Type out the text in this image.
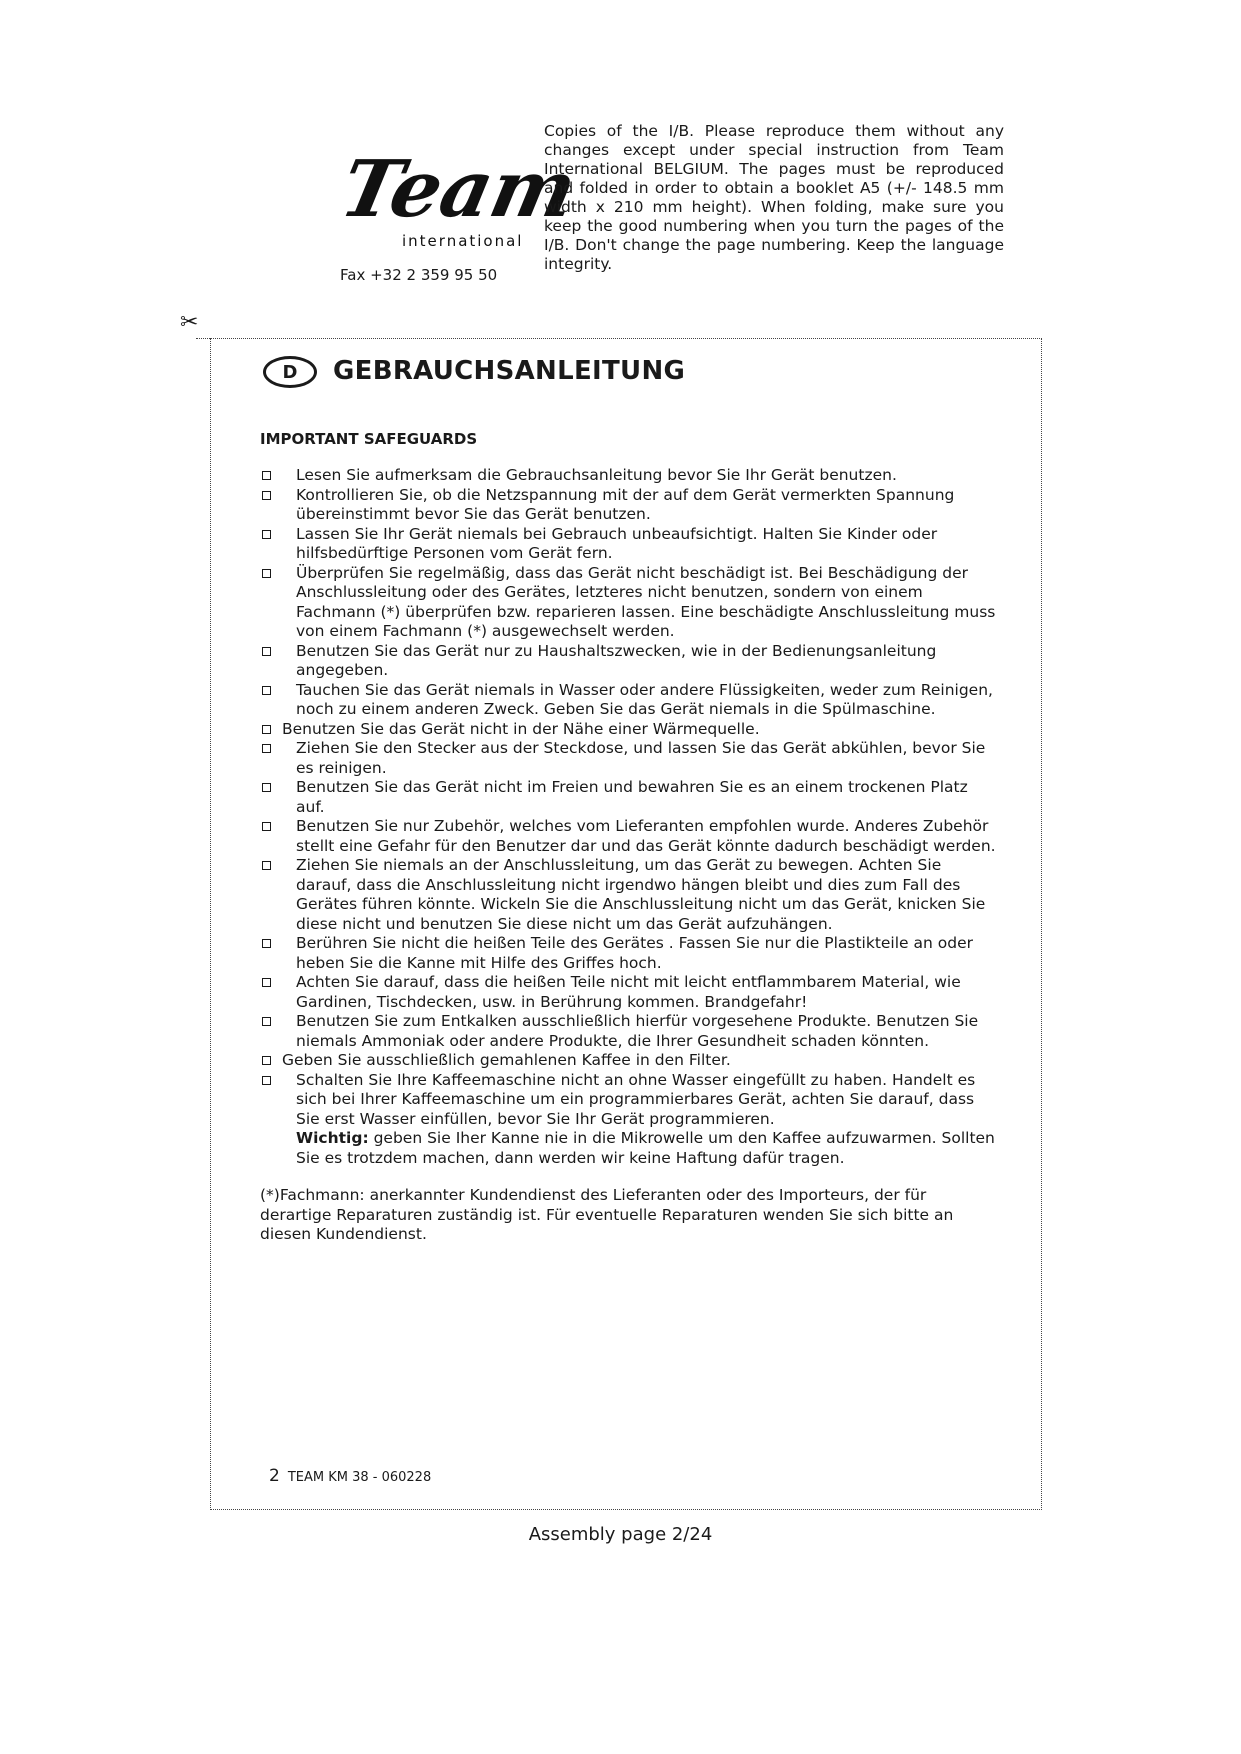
Team
international
Fax +32 2 359 95 50
Copies of the I/B. Please reproduce them without any changes except under special instruction from Team International BELGIUM. The pages must be reproduced and folded in order to obtain a booklet A5 (+/- 148.5 mm width x 210 mm height). When folding, make sure you keep the good numbering when you turn the pages of the I/B. Don't change the page numbering. Keep the language integrity.
✂
D	GEBRAUCHSANLEITUNG
IMPORTANT SAFEGUARDS
Lesen Sie aufmerksam die Gebrauchsanleitung bevor Sie Ihr Gerät benutzen.
Kontrollieren Sie, ob die Netzspannung mit der auf dem Gerät vermerkten Spannung übereinstimmt bevor Sie das Gerät benutzen.
Lassen Sie Ihr Gerät niemals bei Gebrauch unbeaufsichtigt. Halten Sie Kinder oder hilfsbedürftige Personen vom Gerät fern.
Überprüfen Sie regelmäßig, dass das Gerät nicht beschädigt ist. Bei Beschädigung der Anschlussleitung oder des Gerätes, letzteres nicht benutzen, sondern von einem Fachmann (*) überprüfen bzw. reparieren lassen. Eine beschädigte Anschlussleitung muss von einem Fachmann (*) ausgewechselt werden.
Benutzen Sie das Gerät nur zu Haushaltszwecken, wie in der Bedienungsanleitung angegeben.
Tauchen Sie das Gerät niemals in Wasser oder andere Flüssigkeiten, weder zum Reinigen, noch zu einem anderen Zweck. Geben Sie das Gerät niemals in die Spülmaschine.
Benutzen Sie das Gerät nicht in der Nähe einer Wärmequelle.
Ziehen Sie den Stecker aus der Steckdose, und lassen Sie das Gerät abkühlen, bevor Sie es reinigen.
Benutzen Sie das Gerät nicht im Freien und bewahren Sie es an einem trockenen Platz auf.
Benutzen Sie nur Zubehör, welches vom Lieferanten empfohlen wurde. Anderes Zubehör stellt eine Gefahr für den Benutzer dar und das Gerät könnte dadurch beschädigt werden.
Ziehen Sie niemals an der Anschlussleitung, um das Gerät zu bewegen. Achten Sie darauf, dass die Anschlussleitung nicht irgendwo hängen bleibt und dies zum Fall des Gerätes führen könnte. Wickeln Sie die Anschlussleitung nicht um das Gerät, knicken Sie diese nicht und benutzen Sie diese nicht um das Gerät aufzuhängen.
Berühren Sie nicht die heißen Teile des Gerätes . Fassen Sie nur die Plastikteile an oder heben Sie die Kanne mit Hilfe des Griffes hoch.
Achten Sie darauf, dass die heißen Teile nicht mit leicht entflammbarem Material, wie Gardinen, Tischdecken, usw. in Berührung kommen. Brandgefahr!
Benutzen Sie zum Entkalken ausschließlich hierfür vorgesehene Produkte. Benutzen Sie niemals Ammoniak oder andere Produkte, die Ihrer Gesundheit schaden könnten.
Geben Sie ausschließlich gemahlenen Kaffee in den Filter.
Schalten Sie Ihre Kaffeemaschine nicht an ohne Wasser eingefüllt zu haben. Handelt es sich bei Ihrer Kaffeemaschine um ein programmierbares Gerät, achten Sie darauf, dass Sie erst Wasser einfüllen, bevor Sie Ihr Gerät programmieren.
Wichtig: geben Sie Iher Kanne nie in die Mikrowelle um den Kaffee aufzuwarmen. Sollten Sie es trotzdem machen, dann werden wir keine Haftung dafür tragen.
(*)Fachmann: anerkannter Kundendienst des Lieferanten oder des Importeurs, der für derartige Reparaturen zuständig ist. Für eventuelle Reparaturen wenden Sie sich bitte an diesen Kundendienst.
2 TEAM KM 38 - 060228
Assembly page 2/24
